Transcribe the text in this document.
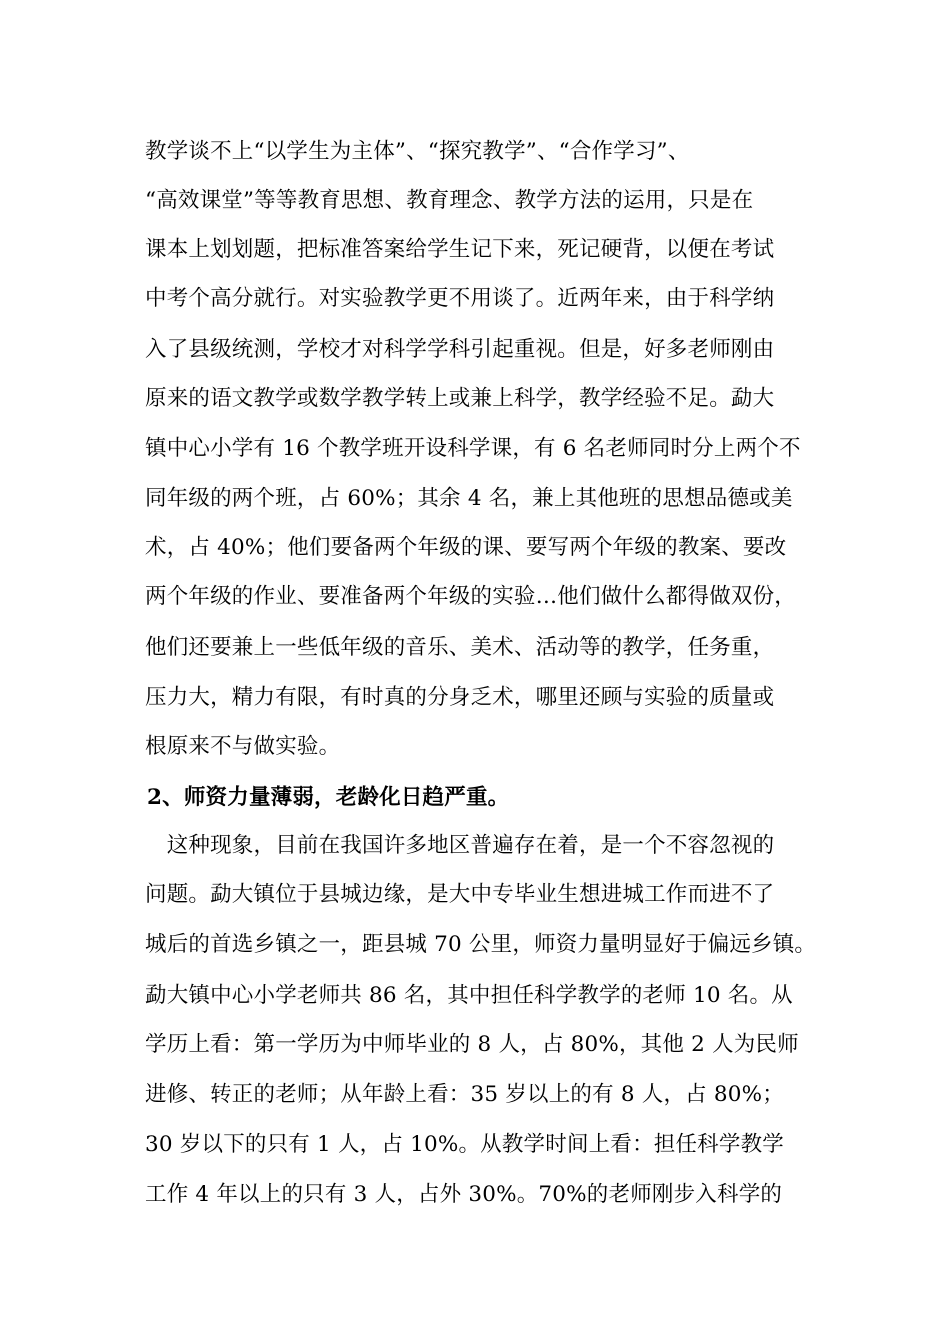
教学谈不上“以学生为主体”、“探究教学”、“合作学习”、
“高效课堂”等等教育思想、教育理念、教学方法的运用，只是在
课本上划划题，把标准答案给学生记下来，死记硬背，以便在考试
中考个高分就行。对实验教学更不用谈了。近两年来，由于科学纳
入了县级统测，学校才对科学学科引起重视。但是，好多老师刚由
原来的语文教学或数学教学转上或兼上科学，教学经验不足。勐大
镇中心小学有 16 个教学班开设科学课，有 6 名老师同时分上两个不
同年级的两个班，占 60%；其余 4 名，兼上其他班的思想品德或美
术，占 40%；他们要备两个年级的课、要写两个年级的教案、要改
两个年级的作业、要准备两个年级的实验…他们做什么都得做双份，
他们还要兼上一些低年级的音乐、美术、活动等的教学，任务重，
压力大，精力有限，有时真的分身乏术，哪里还顾与实验的质量或
根原来不与做实验。
2、师资力量薄弱，老龄化日趋严重。
　这种现象，目前在我国许多地区普遍存在着，是一个不容忽视的
问题。勐大镇位于县城边缘，是大中专毕业生想进城工作而进不了
城后的首选乡镇之一，距县城 70 公里，师资力量明显好于偏远乡镇。
勐大镇中心小学老师共 86 名，其中担任科学教学的老师 10 名。从
学历上看：第一学历为中师毕业的 8 人，占 80%，其他 2 人为民师
进修、转正的老师；从年龄上看：35 岁以上的有 8 人，占 80%；
30 岁以下的只有 1 人，占 10%。从教学时间上看：担任科学教学
工作 4 年以上的只有 3 人，占外 30%。70%的老师刚步入科学的
